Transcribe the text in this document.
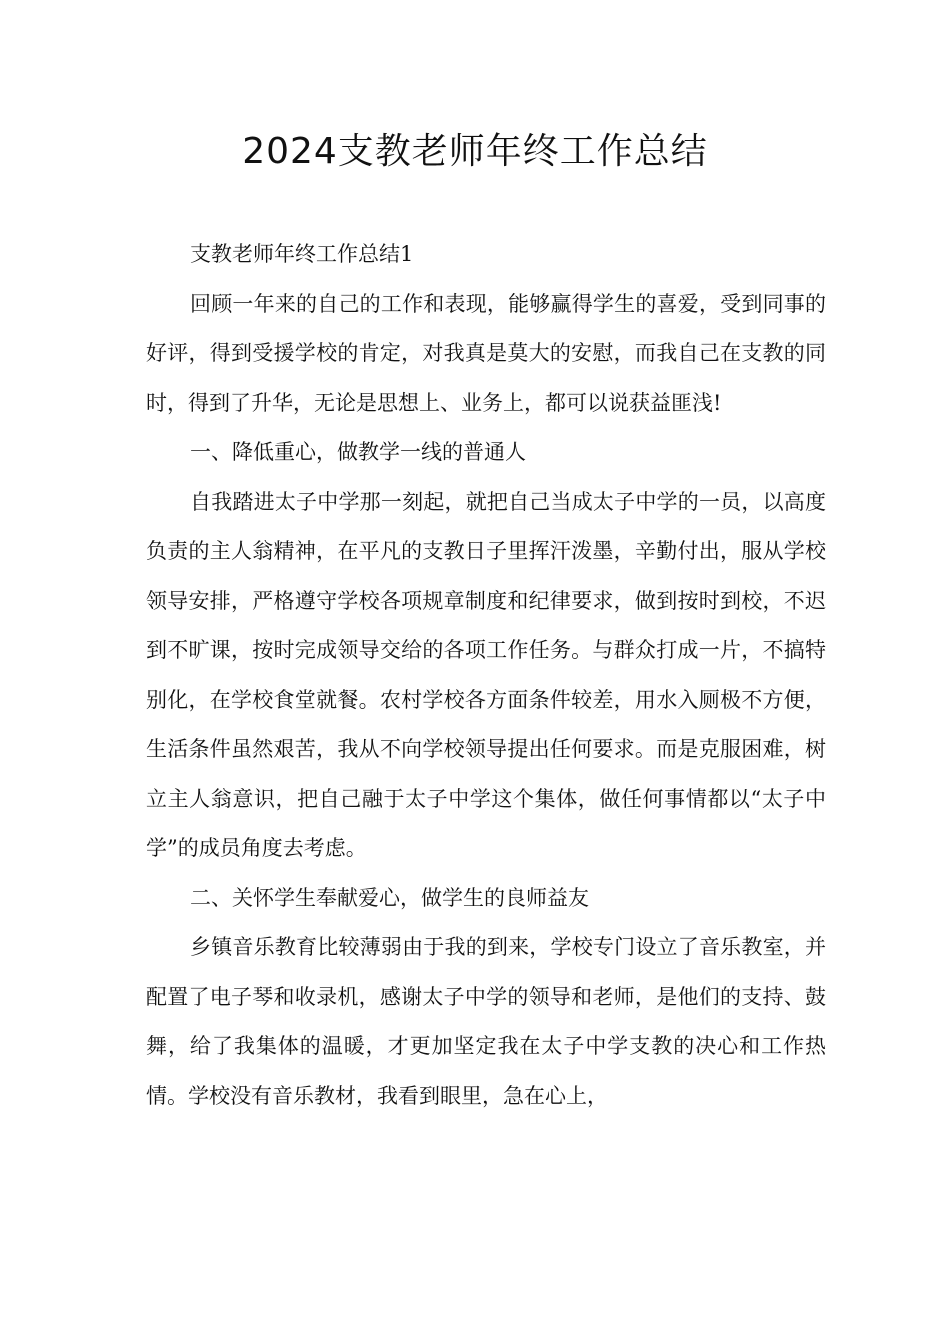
2024支教老师年终工作总结

支教老师年终工作总结1

回顾一年来的自己的工作和表现，能够赢得学生的喜爱，受到同事的好评，得到受援学校的肯定，对我真是莫大的安慰，而我自己在支教的同时，得到了升华，无论是思想上、业务上，都可以说获益匪浅!

一、降低重心，做教学一线的普通人

自我踏进太子中学那一刻起，就把自己当成太子中学的一员，以高度负责的主人翁精神，在平凡的支教日子里挥汗泼墨，辛勤付出，服从学校领导安排，严格遵守学校各项规章制度和纪律要求，做到按时到校，不迟到不旷课，按时完成领导交给的各项工作任务。与群众打成一片，不搞特别化，在学校食堂就餐。农村学校各方面条件较差，用水入厕极不方便，生活条件虽然艰苦，我从不向学校领导提出任何要求。而是克服困难，树立主人翁意识，把自己融于太子中学这个集体，做任何事情都以“太子中学”的成员角度去考虑。

二、关怀学生奉献爱心，做学生的良师益友

乡镇音乐教育比较薄弱由于我的到来，学校专门设立了音乐教室，并配置了电子琴和收录机，感谢太子中学的领导和老师，是他们的支持、鼓舞，给了我集体的温暖，才更加坚定我在太子中学支教的决心和工作热情。学校没有音乐教材，我看到眼里，急在心上，
